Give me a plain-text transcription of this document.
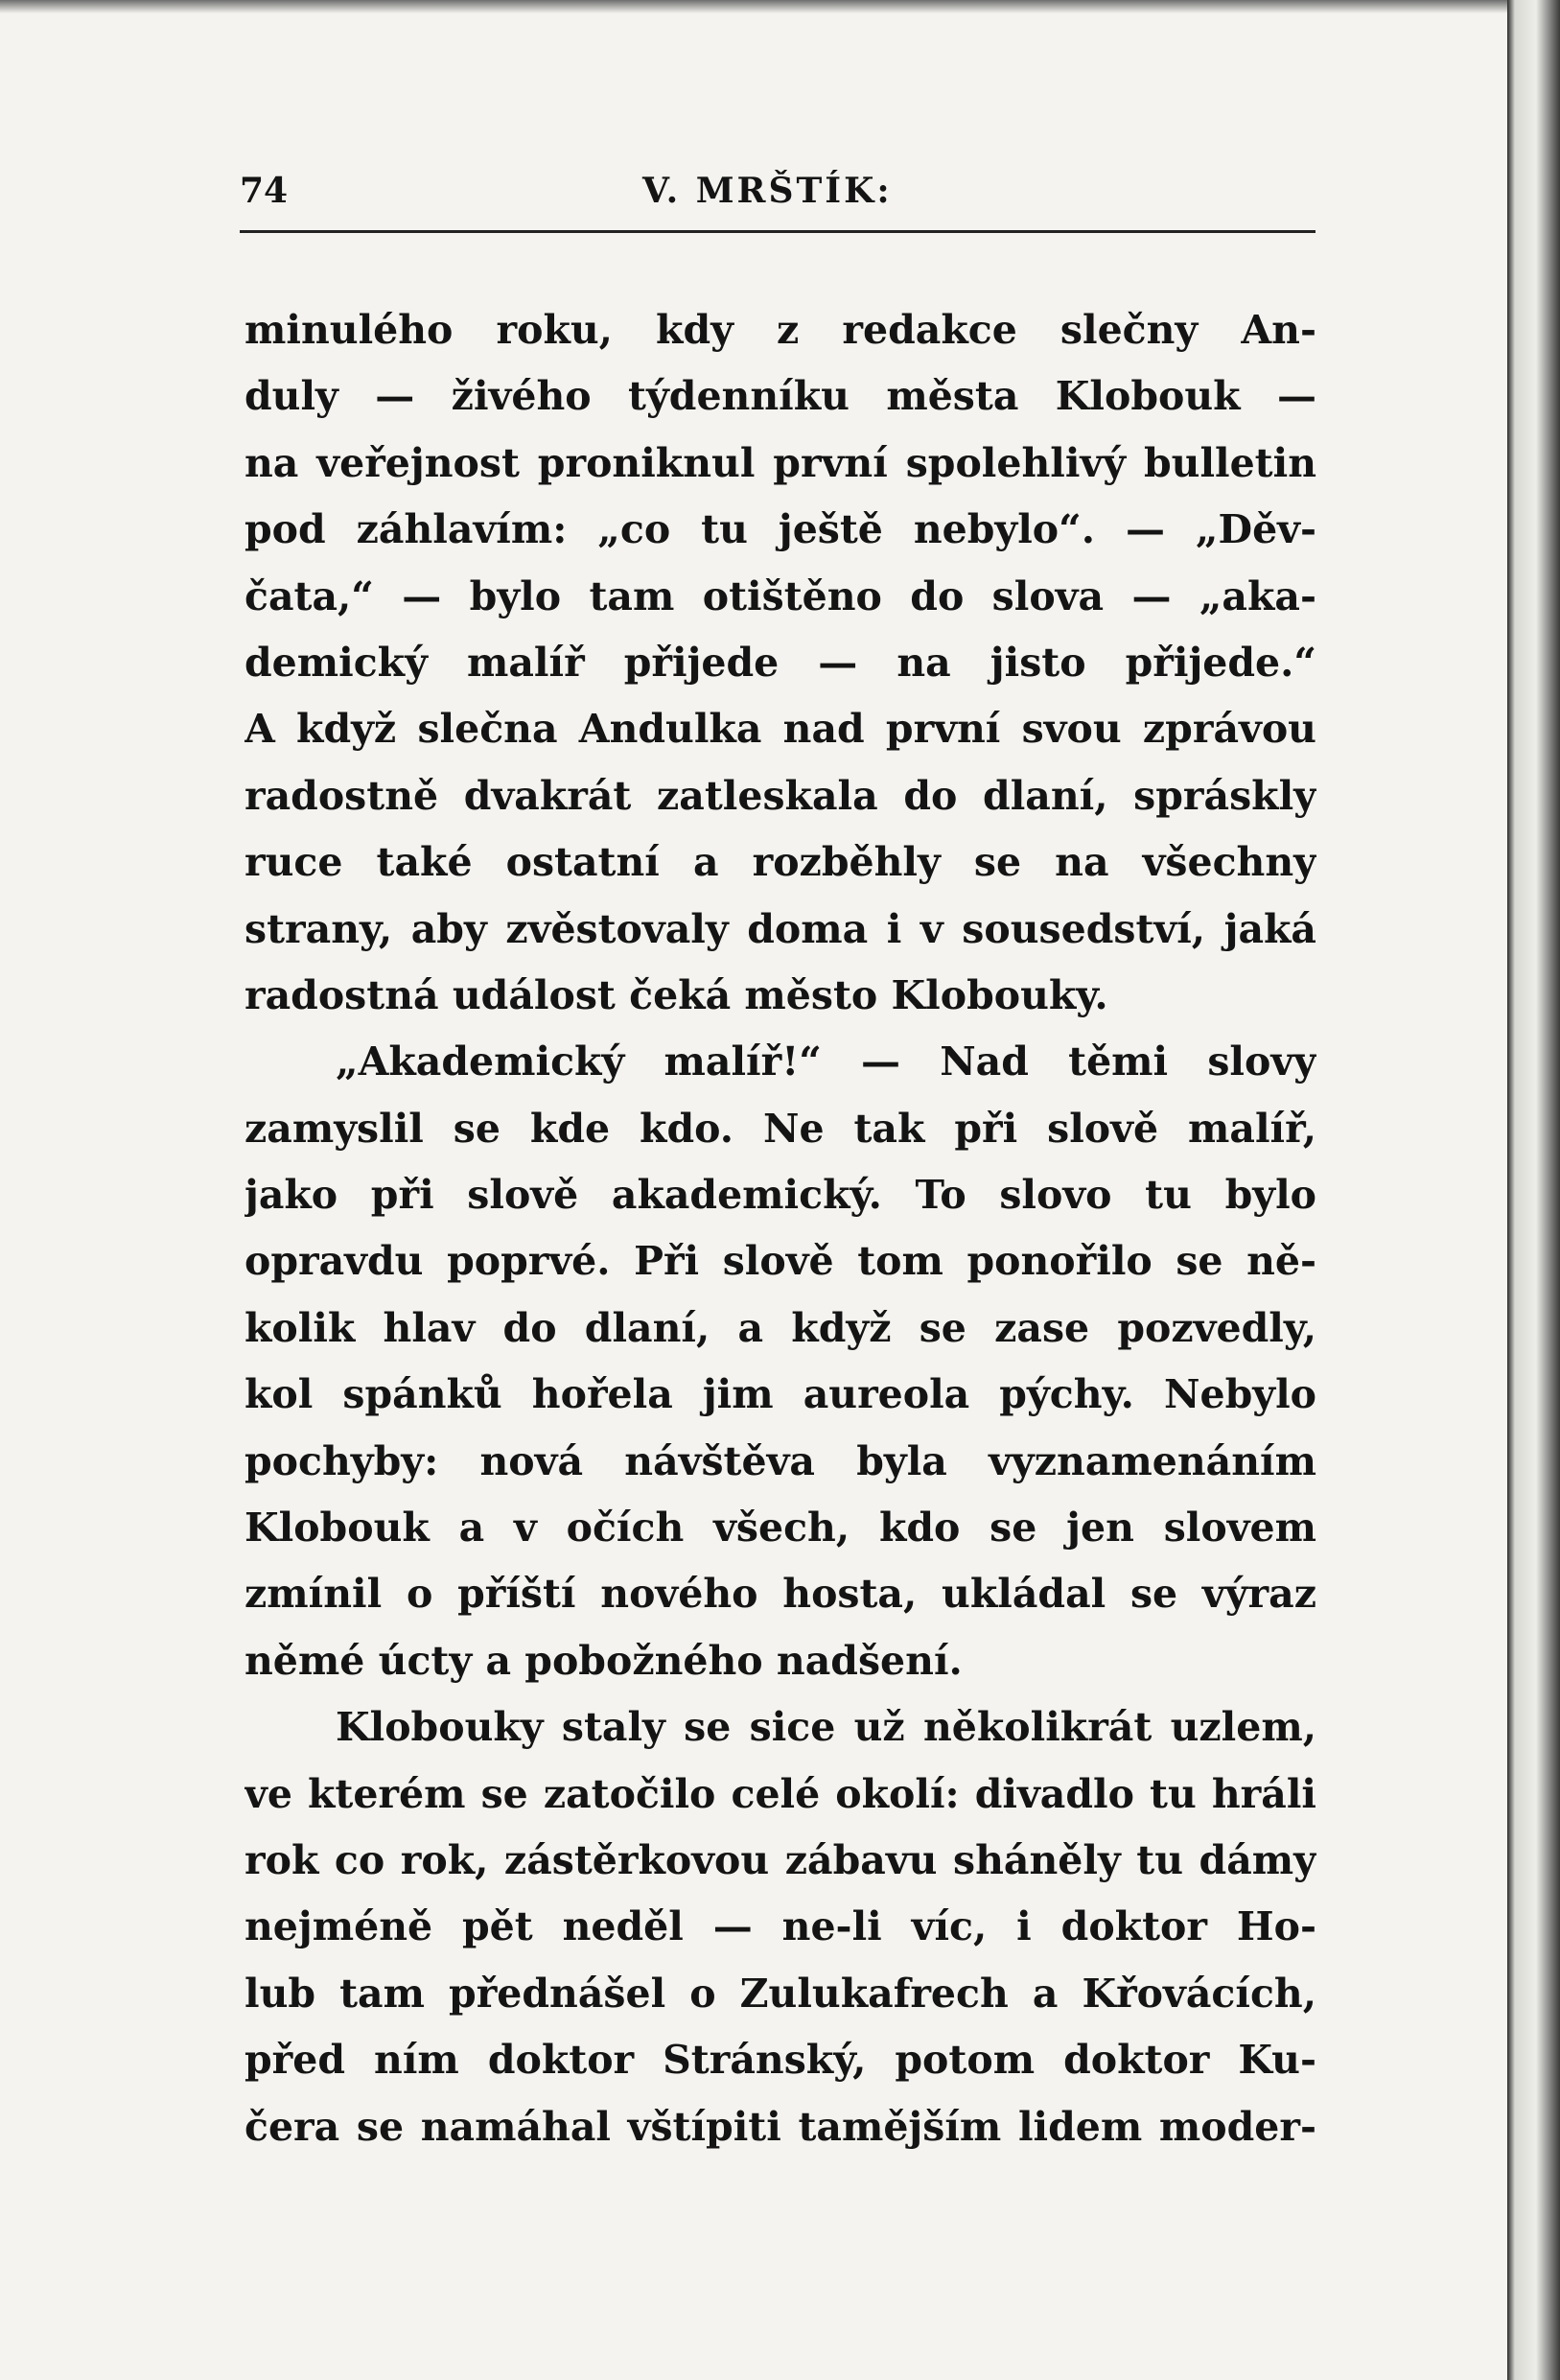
74	V. MRŠTÍK:
minulého roku, kdy z redakce slečny An-
duly — živého týdenníku města Klobouk —
na veřejnost proniknul první spolehlivý bulletin
pod záhlavím: „co tu ještě nebylo“. — „Děv-
čata,“ — bylo tam otištěno do slova — „aka-
demický malíř přijede — na jisto přijede.“
A když slečna Andulka nad první svou zprávou
radostně dvakrát zatleskala do dlaní, spráskly
ruce také ostatní a rozběhly se na všechny
strany, aby zvěstovaly doma i v sousedství, jaká
radostná událost čeká město Klobouky.
„Akademický malíř!“ — Nad těmi slovy
zamyslil se kde kdo. Ne tak při slově malíř,
jako při slově akademický. To slovo tu bylo
opravdu poprvé. Při slově tom ponořilo se ně-
kolik hlav do dlaní, a když se zase pozvedly,
kol spánků hořela jim aureola pýchy. Nebylo
pochyby: nová návštěva byla vyznamenáním
Klobouk a v očích všech, kdo se jen slovem
zmínil o příští nového hosta, ukládal se výraz
němé úcty a pobožného nadšení.
Klobouky staly se sice už několikrát uzlem,
ve kterém se zatočilo celé okolí: divadlo tu hráli
rok co rok, zástěrkovou zábavu sháněly tu dámy
nejméně pět neděl — ne-li víc, i doktor Ho-
lub tam přednášel o Zulukafrech a Křovácích,
před ním doktor Stránský, potom doktor Ku-
čera se namáhal vštípiti tamějším lidem moder-
